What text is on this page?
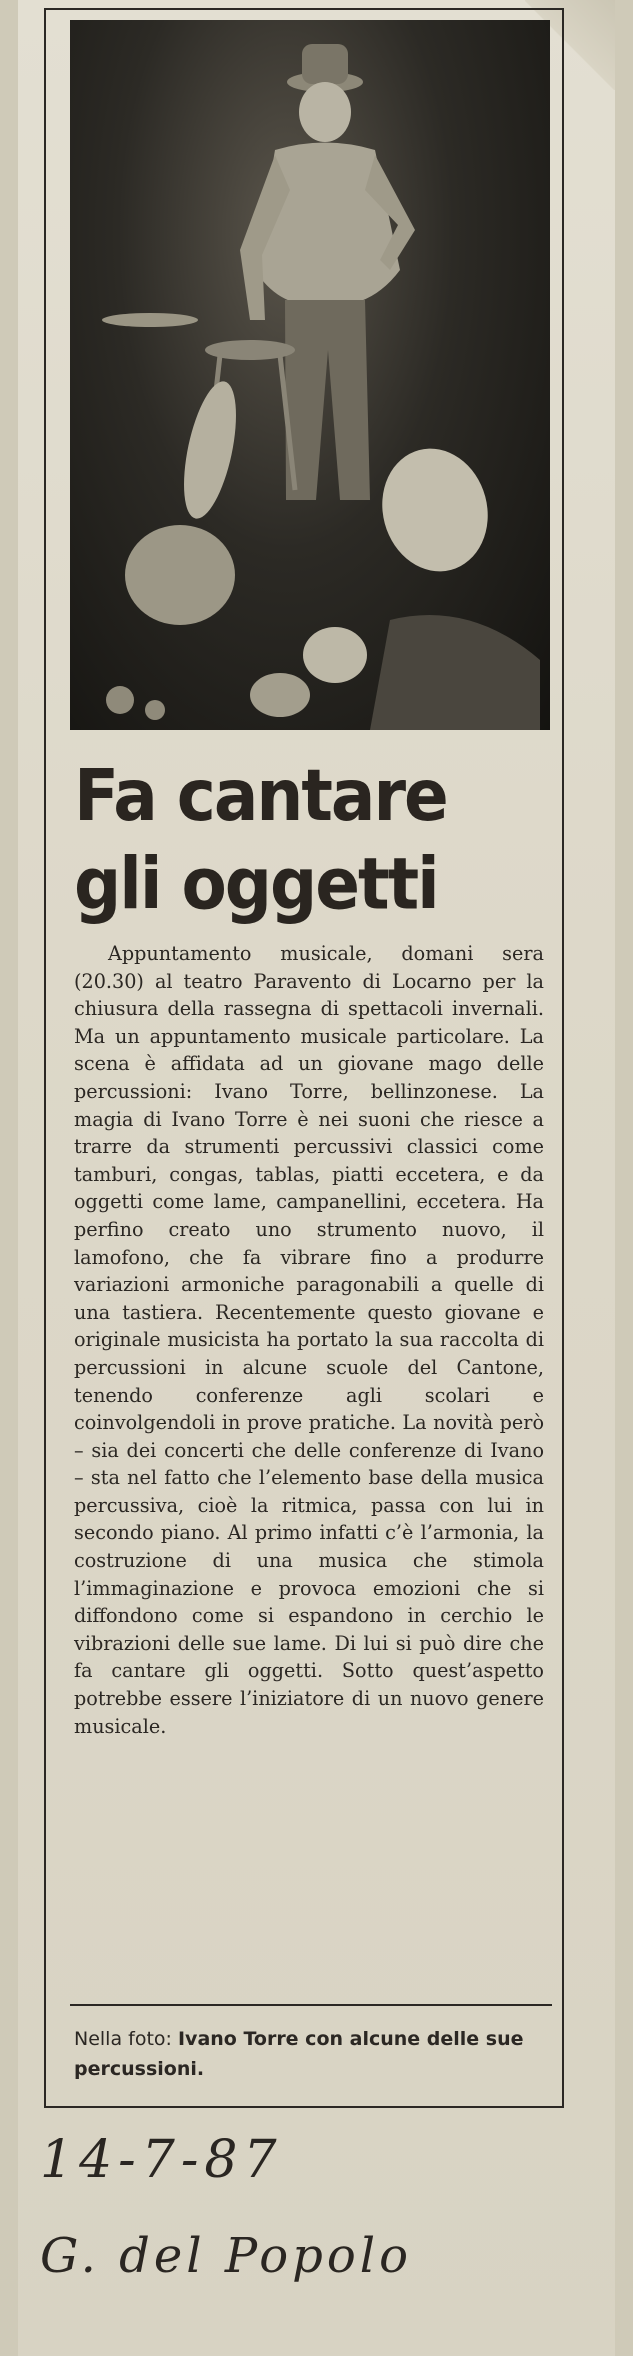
Fa cantare
gli oggetti
Appuntamento musicale, domani sera (20.30) al teatro Paravento di Locarno per la chiusura della rassegna di spettacoli invernali. Ma un appuntamento musicale particolare. La scena è affidata ad un giovane mago delle percussioni: Ivano Torre, bellinzonese. La magia di Ivano Torre è nei suoni che riesce a trarre da strumenti percussivi classici come tamburi, congas, tablas, piatti eccetera, e da oggetti come lame, campanellini, eccetera. Ha perfino creato uno strumento nuovo, il lamofono, che fa vibrare fino a produrre variazioni armoniche paragonabili a quelle di una tastiera. Recentemente questo giovane e originale musicista ha portato la sua raccolta di percussioni in alcune scuole del Cantone, tenendo conferenze agli scolari e coinvolgendoli in prove pratiche. La novità però – sia dei concerti che delle conferenze di Ivano – sta nel fatto che l’elemento base della musica percussiva, cioè la ritmica, passa con lui in secondo piano. Al primo infatti c’è l’armonia, la costruzione di una musica che stimola l’immaginazione e provoca emozioni che si diffondono come si espandono in cerchio le vibrazioni delle sue lame. Di lui si può dire che fa cantare gli oggetti. Sotto quest’aspetto potrebbe essere l’iniziatore di un nuovo genere musicale.
Nella foto: Ivano Torre con alcune delle sue percussioni.
14-7-87
G. del Popolo
